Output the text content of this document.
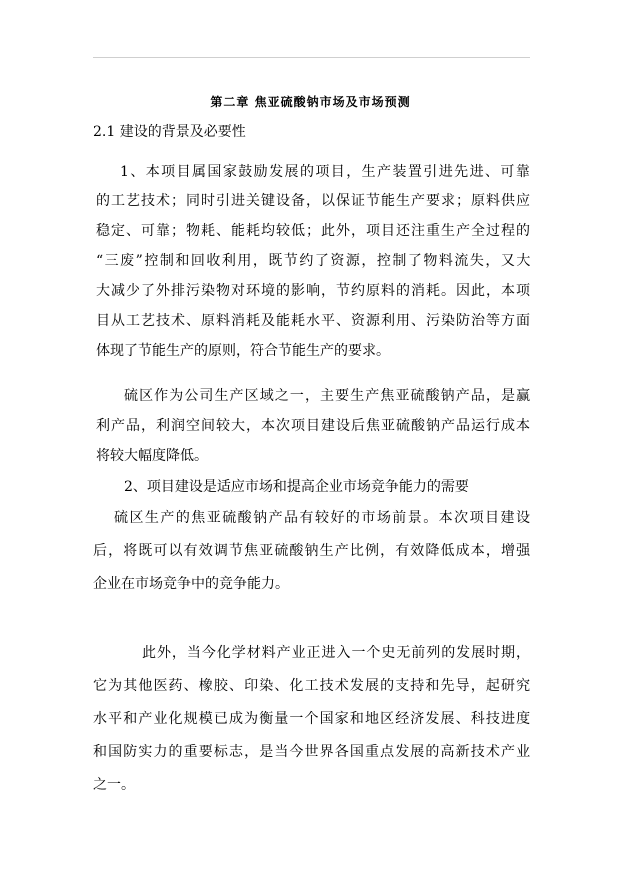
第二章 焦亚硫酸钠市场及市场预测
2.1 建设的背景及必要性
1、本项目属国家鼓励发展的项目，生产装置引进先进、可靠
的工艺技术；同时引进关键设备，以保证节能生产要求；原料供应
稳定、可靠；物耗、能耗均较低；此外，项目还注重生产全过程的
“三废”控制和回收利用，既节约了资源，控制了物料流失，又大
大减少了外排污染物对环境的影响，节约原料的消耗。因此，本项
目从工艺技术、原料消耗及能耗水平、资源利用、污染防治等方面
体现了节能生产的原则，符合节能生产的要求。
硫区作为公司生产区域之一，主要生产焦亚硫酸钠产品，是赢
利产品，利润空间较大，本次项目建设后焦亚硫酸钠产品运行成本
将较大幅度降低。
2、项目建设是适应市场和提高企业市场竞争能力的需要
硫区生产的焦亚硫酸钠产品有较好的市场前景。本次项目建设
后，将既可以有效调节焦亚硫酸钠生产比例，有效降低成本，增强
企业在市场竞争中的竞争能力。
此外，当今化学材料产业正进入一个史无前列的发展时期，
它为其他医药、橡胶、印染、化工技术发展的支持和先导，起研究
水平和产业化规模已成为衡量一个国家和地区经济发展、科技进度
和国防实力的重要标志，是当今世界各国重点发展的高新技术产业
之一。
